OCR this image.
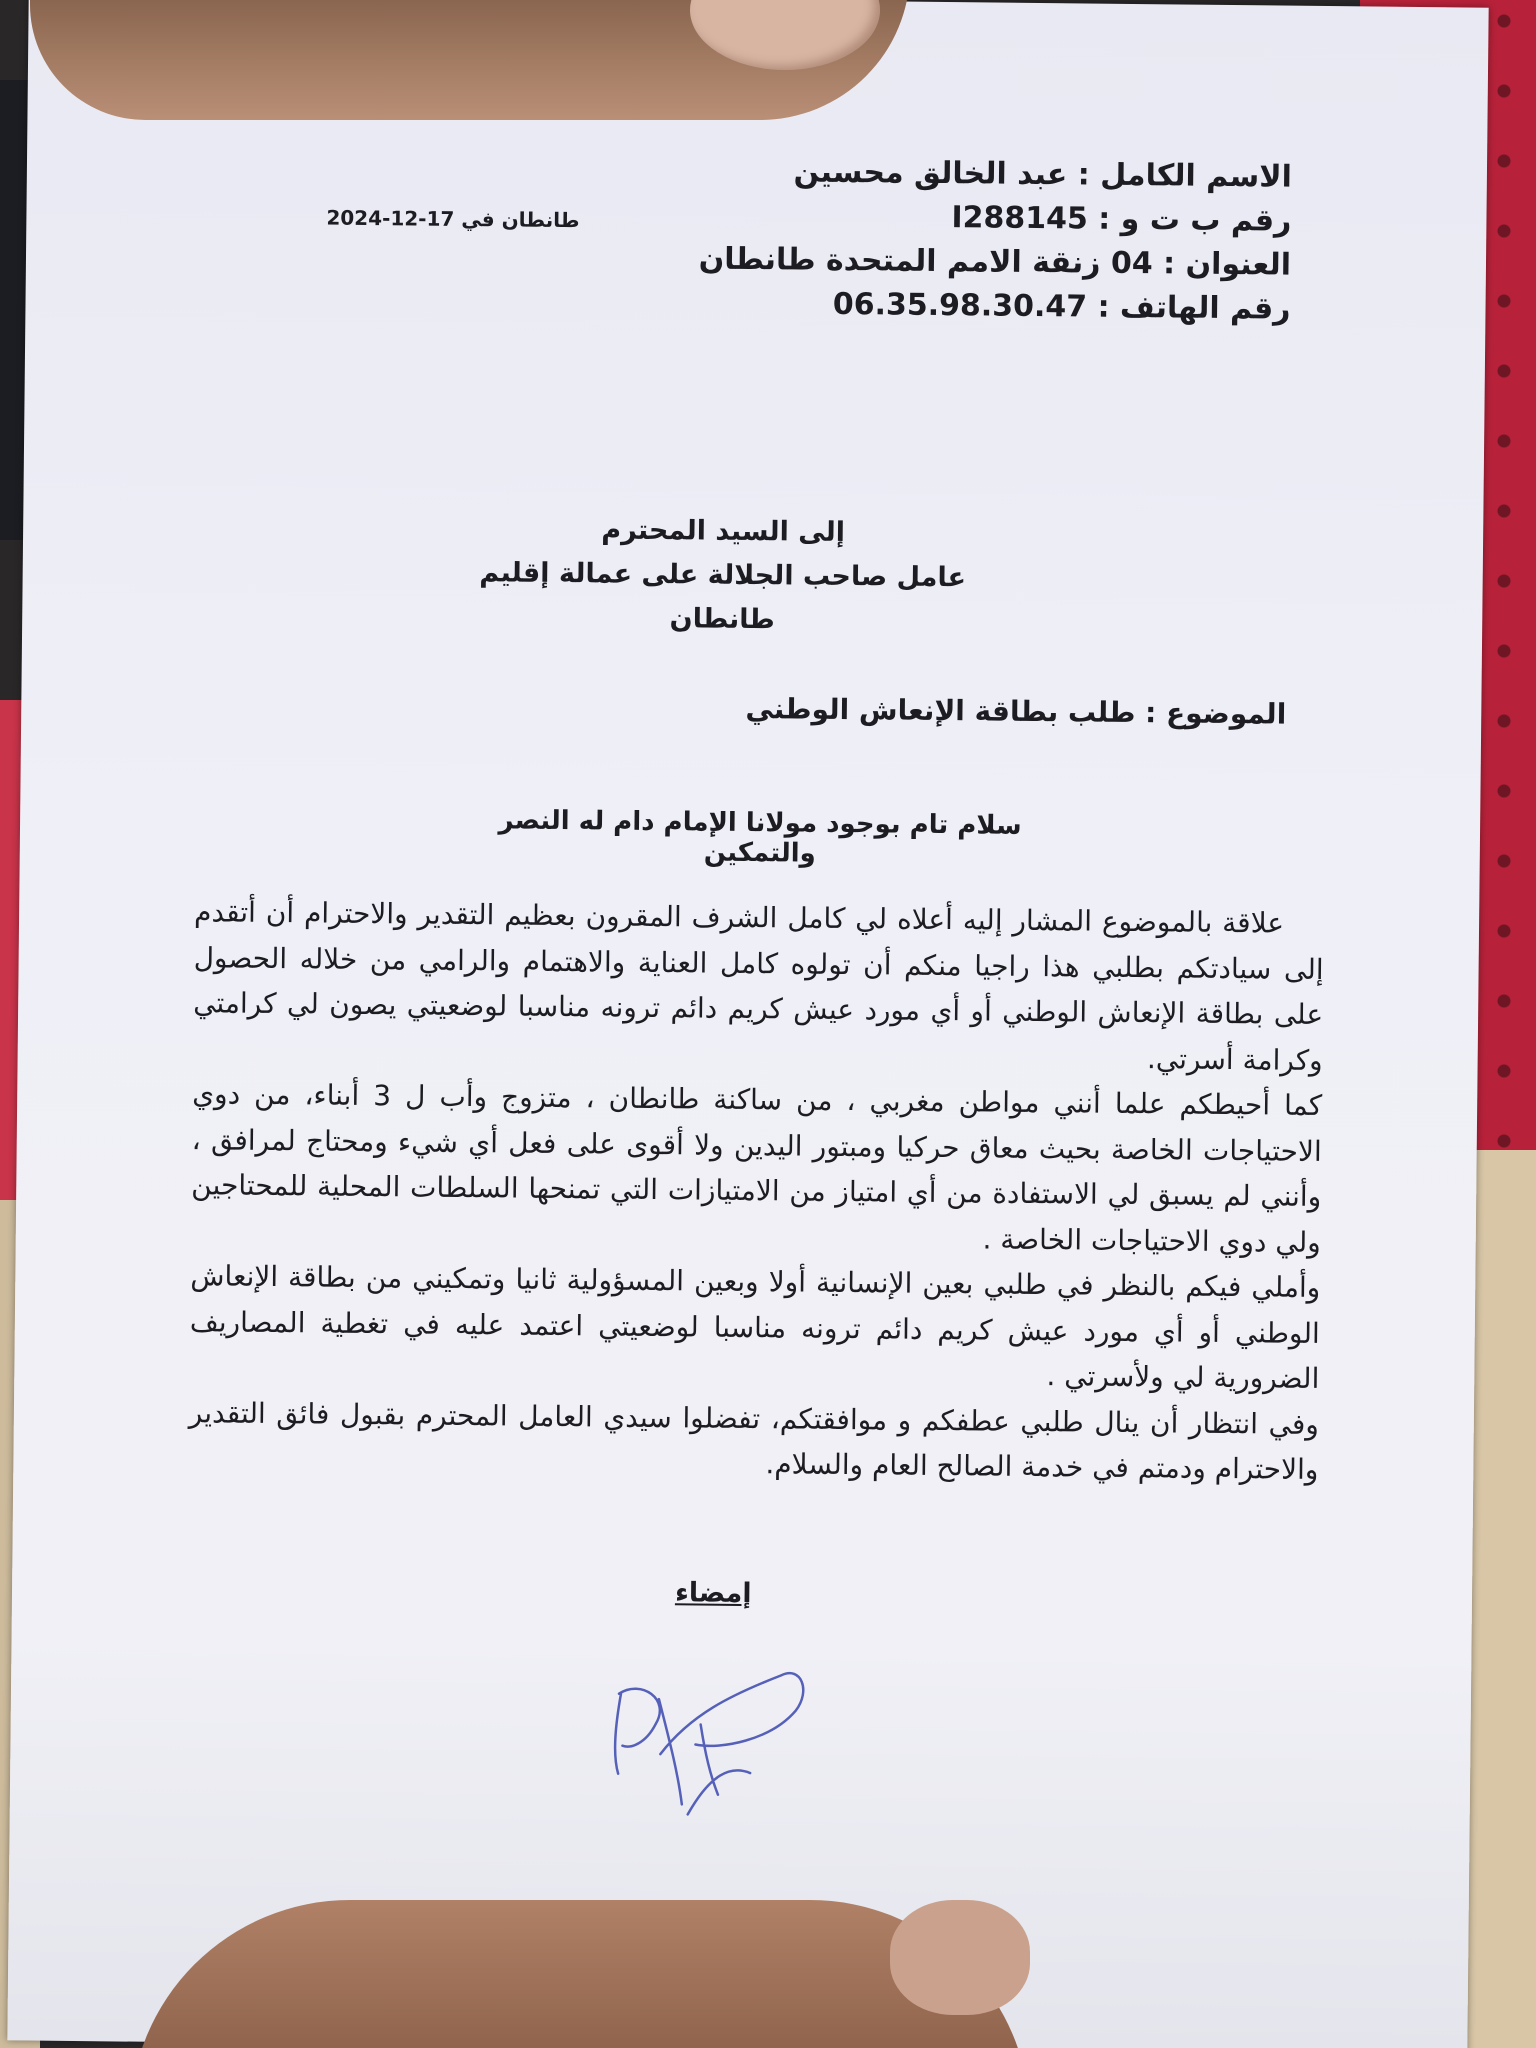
طانطان في 17-12-2024
الاسم الكامل : عبد الخالق محسين
رقم ب ت و : I288145
العنوان : 04 زنقة الامم المتحدة طانطان
رقم الهاتف : 06.35.98.30.47
إلى السيد المحترم
عامل صاحب الجلالة على عمالة إقليم طانطان
الموضوع : طلب بطاقة الإنعاش الوطني
سلام تام بوجود مولانا الإمام دام له النصر والتمكين

علاقة بالموضوع المشار إليه أعلاه لي كامل الشرف المقرون بعظيم التقدير والاحترام أن أتقدم إلى سيادتكم بطلبي هذا راجيا منكم أن تولوه كامل العناية والاهتمام والرامي من خلاله الحصول على بطاقة الإنعاش الوطني أو أي مورد عيش كريم دائم ترونه مناسبا لوضعيتي يصون لي كرامتي وكرامة أسرتي.

كما أحيطكم علما أنني مواطن مغربي ، من ساكنة طانطان ، متزوج وأب ل 3 أبناء، من دوي الاحتياجات الخاصة بحيث معاق حركيا ومبتور اليدين ولا أقوى على فعل أي شيء ومحتاج لمرافق ، وأنني لم يسبق لي الاستفادة من أي امتياز من الامتيازات التي تمنحها السلطات المحلية للمحتاجين ولي دوي الاحتياجات الخاصة .

وأملي فيكم بالنظر في طلبي بعين الإنسانية أولا وبعين المسؤولية ثانيا وتمكيني من بطاقة الإنعاش الوطني أو أي مورد عيش كريم دائم ترونه مناسبا لوضعيتي اعتمد عليه في تغطية المصاريف الضرورية لي ولأسرتي .

وفي انتظار أن ينال طلبي عطفكم و موافقتكم، تفضلوا سيدي العامل المحترم بقبول فائق التقدير والاحترام ودمتم في خدمة الصالح العام والسلام.

إمضاء
